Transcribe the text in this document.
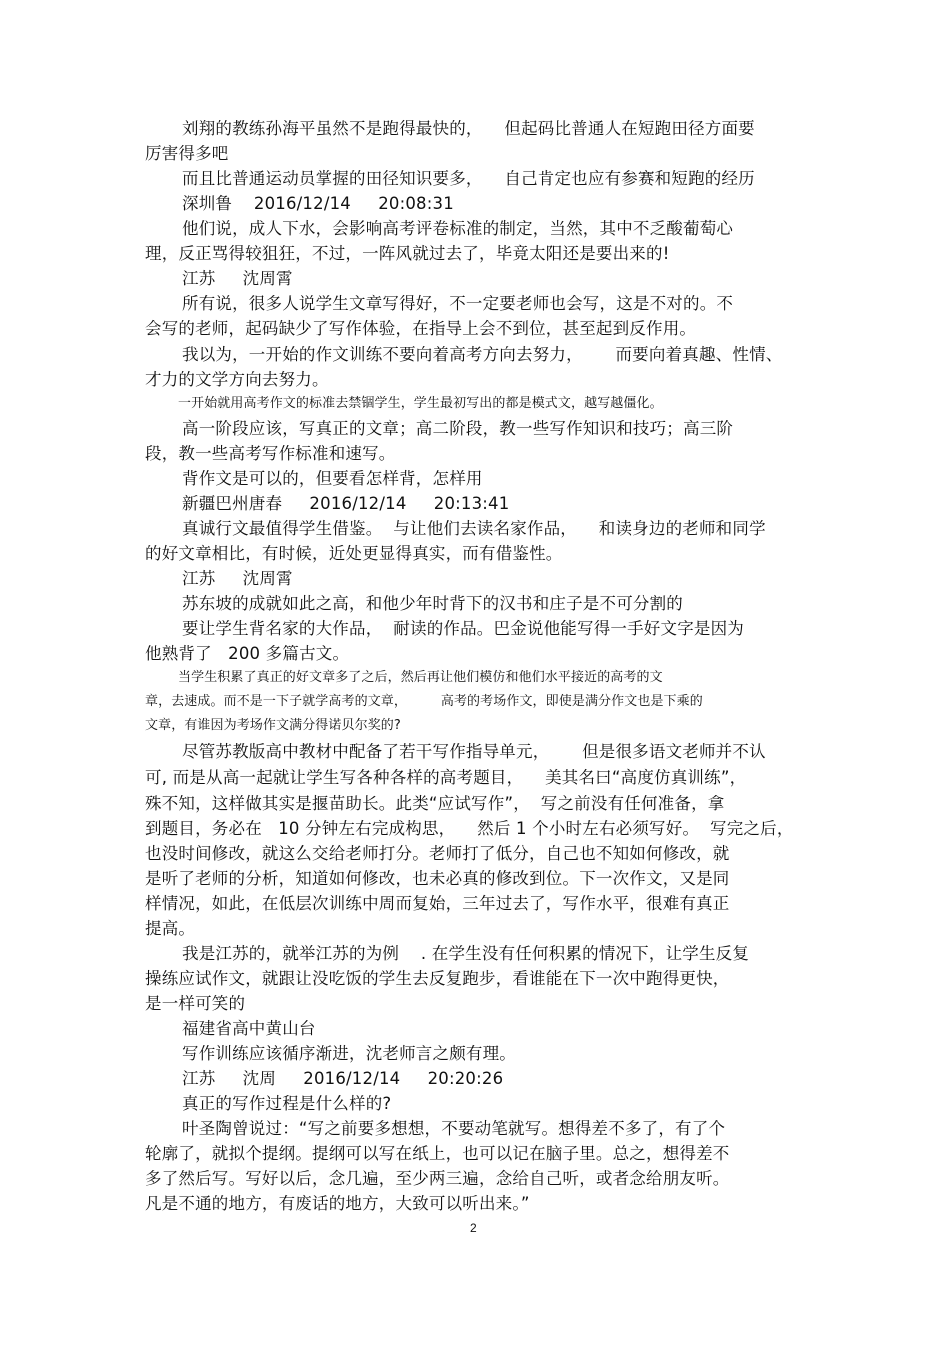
刘翔的教练孙海平虽然不是跑得最快的，    但起码比普通人在短跑田径方面要
厉害得多吧
而且比普通运动员掌握的田径知识要多，    自己肯定也应有参赛和短跑的经历
深圳鲁    2016/12/14     20:08:31
他们说，成人下水，会影响高考评卷标准的制定，当然，其中不乏酸葡萄心
理，反正骂得较狙狂，不过，一阵风就过去了，毕竟太阳还是要出来的!
江苏     沈周霄
所有说，很多人说学生文章写得好，不一定要老师也会写，这是不对的。不
会写的老师，起码缺少了写作体验，在指导上会不到位，甚至起到反作用。
我以为，一开始的作文训练不要向着高考方向去努力，      而要向着真趣、性情、
才力的文学方向去努力。
一开始就用高考作文的标准去禁锢学生，学生最初写出的都是模式文，越写越僵化。
高一阶段应该，写真正的文章；高二阶段，教一些写作知识和技巧；高三阶
段，教一些高考写作标准和速写。
背作文是可以的，但要看怎样背，怎样用
新疆巴州唐春     2016/12/14     20:13:41
真诚行文最值得学生借鉴。  与让他们去读名家作品，    和读身边的老师和同学
的好文章相比，有时候，近处更显得真实，而有借鉴性。
江苏     沈周霄
苏东坡的成就如此之高，和他少年时背下的汉书和庄子是不可分割的
要让学生背名家的大作品，  耐读的作品。巴金说他能写得一手好文字是因为
他熟背了   200 多篇古文。
当学生积累了真正的好文章多了之后，然后再让他们模仿和他们水平接近的高考的文
章，去速成。而不是一下子就学高考的文章，        高考的考场作文，即使是满分作文也是下乘的
文章，有谁因为考场作文满分得诺贝尔奖的?
尽管苏教版高中教材中配备了若干写作指导单元，      但是很多语文老师并不认
可, 而是从高一起就让学生写各种各样的高考题目，    美其名曰“高度仿真训练”，
殊不知，这样做其实是揠苗助长。此类“应试写作”，  写之前没有任何准备，拿
到题目，务必在   10 分钟左右完成构思，    然后 1 个小时左右必须写好。  写完之后，
也没时间修改，就这么交给老师打分。老师打了低分，自己也不知如何修改，就
是听了老师的分析，知道如何修改，也未必真的修改到位。下一次作文，又是同
样情况，如此，在低层次训练中周而复始，三年过去了，写作水平，很难有真正
提高。
我是江苏的，就举江苏的为例    . 在学生没有任何积累的情况下，让学生反复
操练应试作文，就跟让没吃饭的学生去反复跑步，看谁能在下一次中跑得更快，
是一样可笑的
福建省高中黄山台
写作训练应该循序渐进，沈老师言之颇有理。
江苏     沈周     2016/12/14     20:20:26
真正的写作过程是什么样的?
叶圣陶曾说过：“写之前要多想想，不要动笔就写。想得差不多了，有了个
轮廓了，就拟个提纲。提纲可以写在纸上，也可以记在脑子里。总之，想得差不
多了然后写。写好以后，念几遍，至少两三遍，念给自己听，或者念给朋友听。
凡是不通的地方，有废话的地方，大致可以听出来。”
2
